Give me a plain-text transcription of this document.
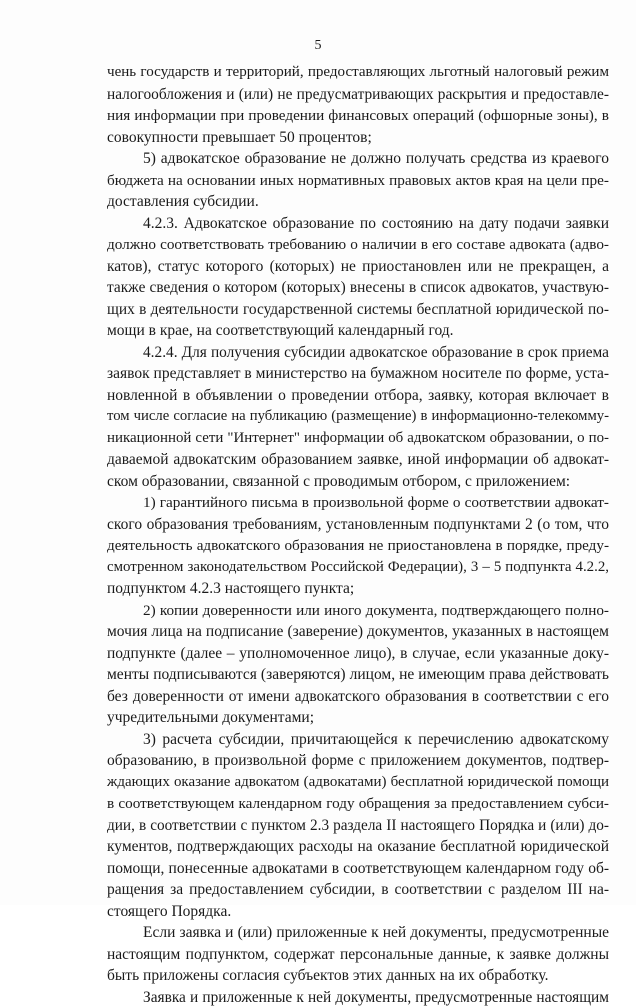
5
чень государств и территорий, предоставляющих льготный налоговый режим
налогообложения и (или) не предусматривающих раскрытия и предоставле-
ния информации при проведении финансовых операций (офшорные зоны), в
совокупности превышает 50 процентов;
5) адвокатское образование не должно получать средства из краевого
бюджета на основании иных нормативных правовых актов края на цели пре-
доставления субсидии.
4.2.3. Адвокатское образование по состоянию на дату подачи заявки
должно соответствовать требованию о наличии в его составе адвоката (адво-
катов), статус которого (которых) не приостановлен или не прекращен, а
также сведения о котором (которых) внесены в список адвокатов, участвую-
щих в деятельности государственной системы бесплатной юридической по-
мощи в крае, на соответствующий календарный год.
4.2.4. Для получения субсидии адвокатское образование в срок приема
заявок представляет в министерство на бумажном носителе по форме, уста-
новленной в объявлении о проведении отбора, заявку, которая включает в
том числе согласие на публикацию (размещение) в информационно-телекомму-
никационной сети "Интернет" информации об адвокатском образовании, о по-
даваемой адвокатским образованием заявке, иной информации об адвокат-
ском образовании, связанной с проводимым отбором, с приложением:
1) гарантийного письма в произвольной форме о соответствии адвокат-
ского образования требованиям, установленным подпунктами 2 (о том, что
деятельность адвокатского образования не приостановлена в порядке, преду-
смотренном законодательством Российской Федерации), 3 – 5 подпункта 4.2.2,
подпунктом 4.2.3 настоящего пункта;
2) копии доверенности или иного документа, подтверждающего полно-
мочия лица на подписание (заверение) документов, указанных в настоящем
подпункте (далее – уполномоченное лицо), в случае, если указанные доку-
менты подписываются (заверяются) лицом, не имеющим права действовать
без доверенности от имени адвокатского образования в соответствии с его
учредительными документами;
3) расчета субсидии, причитающейся к перечислению адвокатскому
образованию, в произвольной форме с приложением документов, подтвер-
ждающих оказание адвокатом (адвокатами) бесплатной юридической помощи
в соответствующем календарном году обращения за предоставлением субси-
дии, в соответствии с пунктом 2.3 раздела II настоящего Порядка и (или) до-
кументов, подтверждающих расходы на оказание бесплатной юридической
помощи, понесенные адвокатами в соответствующем календарном году об-
ращения за предоставлением субсидии, в соответствии с разделом III на-
стоящего Порядка.
Если заявка и (или) приложенные к ней документы, предусмотренные
настоящим подпунктом, содержат персональные данные, к заявке должны
быть приложены согласия субъектов этих данных на их обработку.
Заявка и приложенные к ней документы, предусмотренные настоящим
